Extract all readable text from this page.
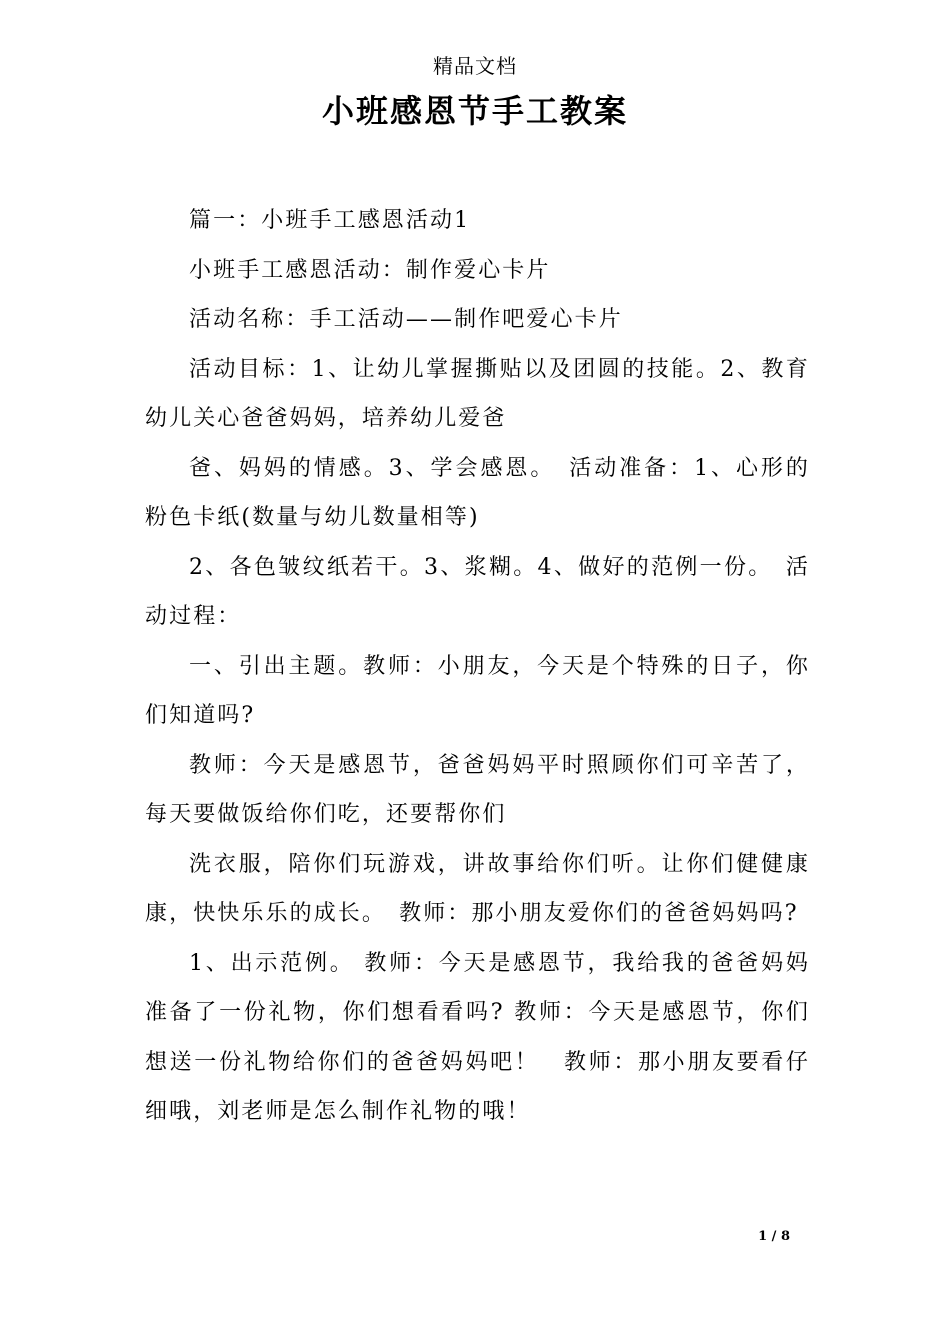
精品文档
小班感恩节手工教案

篇一：小班手工感恩活动1

小班手工感恩活动：制作爱心卡片

活动名称：手工活动——制作吧爱心卡片

活动目标：1、让幼儿掌握撕贴以及团圆的技能。2、教育幼儿关心爸爸妈妈，培养幼儿爱爸

爸、妈妈的情感。3、学会感恩。　活动准备：1、心形的粉色卡纸(数量与幼儿数量相等)

2、各色皱纹纸若干。3、浆糊。4、做好的范例一份。　活动过程：

一、引出主题。教师：小朋友，今天是个特殊的日子，你们知道吗?

教师：今天是感恩节，爸爸妈妈平时照顾你们可辛苦了，每天要做饭给你们吃，还要帮你们

洗衣服，陪你们玩游戏，讲故事给你们听。让你们健健康康，快快乐乐的成长。　教师：那小朋友爱你们的爸爸妈妈吗?

1、出示范例。 教师：今天是感恩节，我给我的爸爸妈妈准备了一份礼物，你们想看看吗? 教师：今天是感恩节，你们想送一份礼物给你们的爸爸妈妈吧！　教师：那小朋友要看仔细哦，刘老师是怎么制作礼物的哦！

1 / 8
